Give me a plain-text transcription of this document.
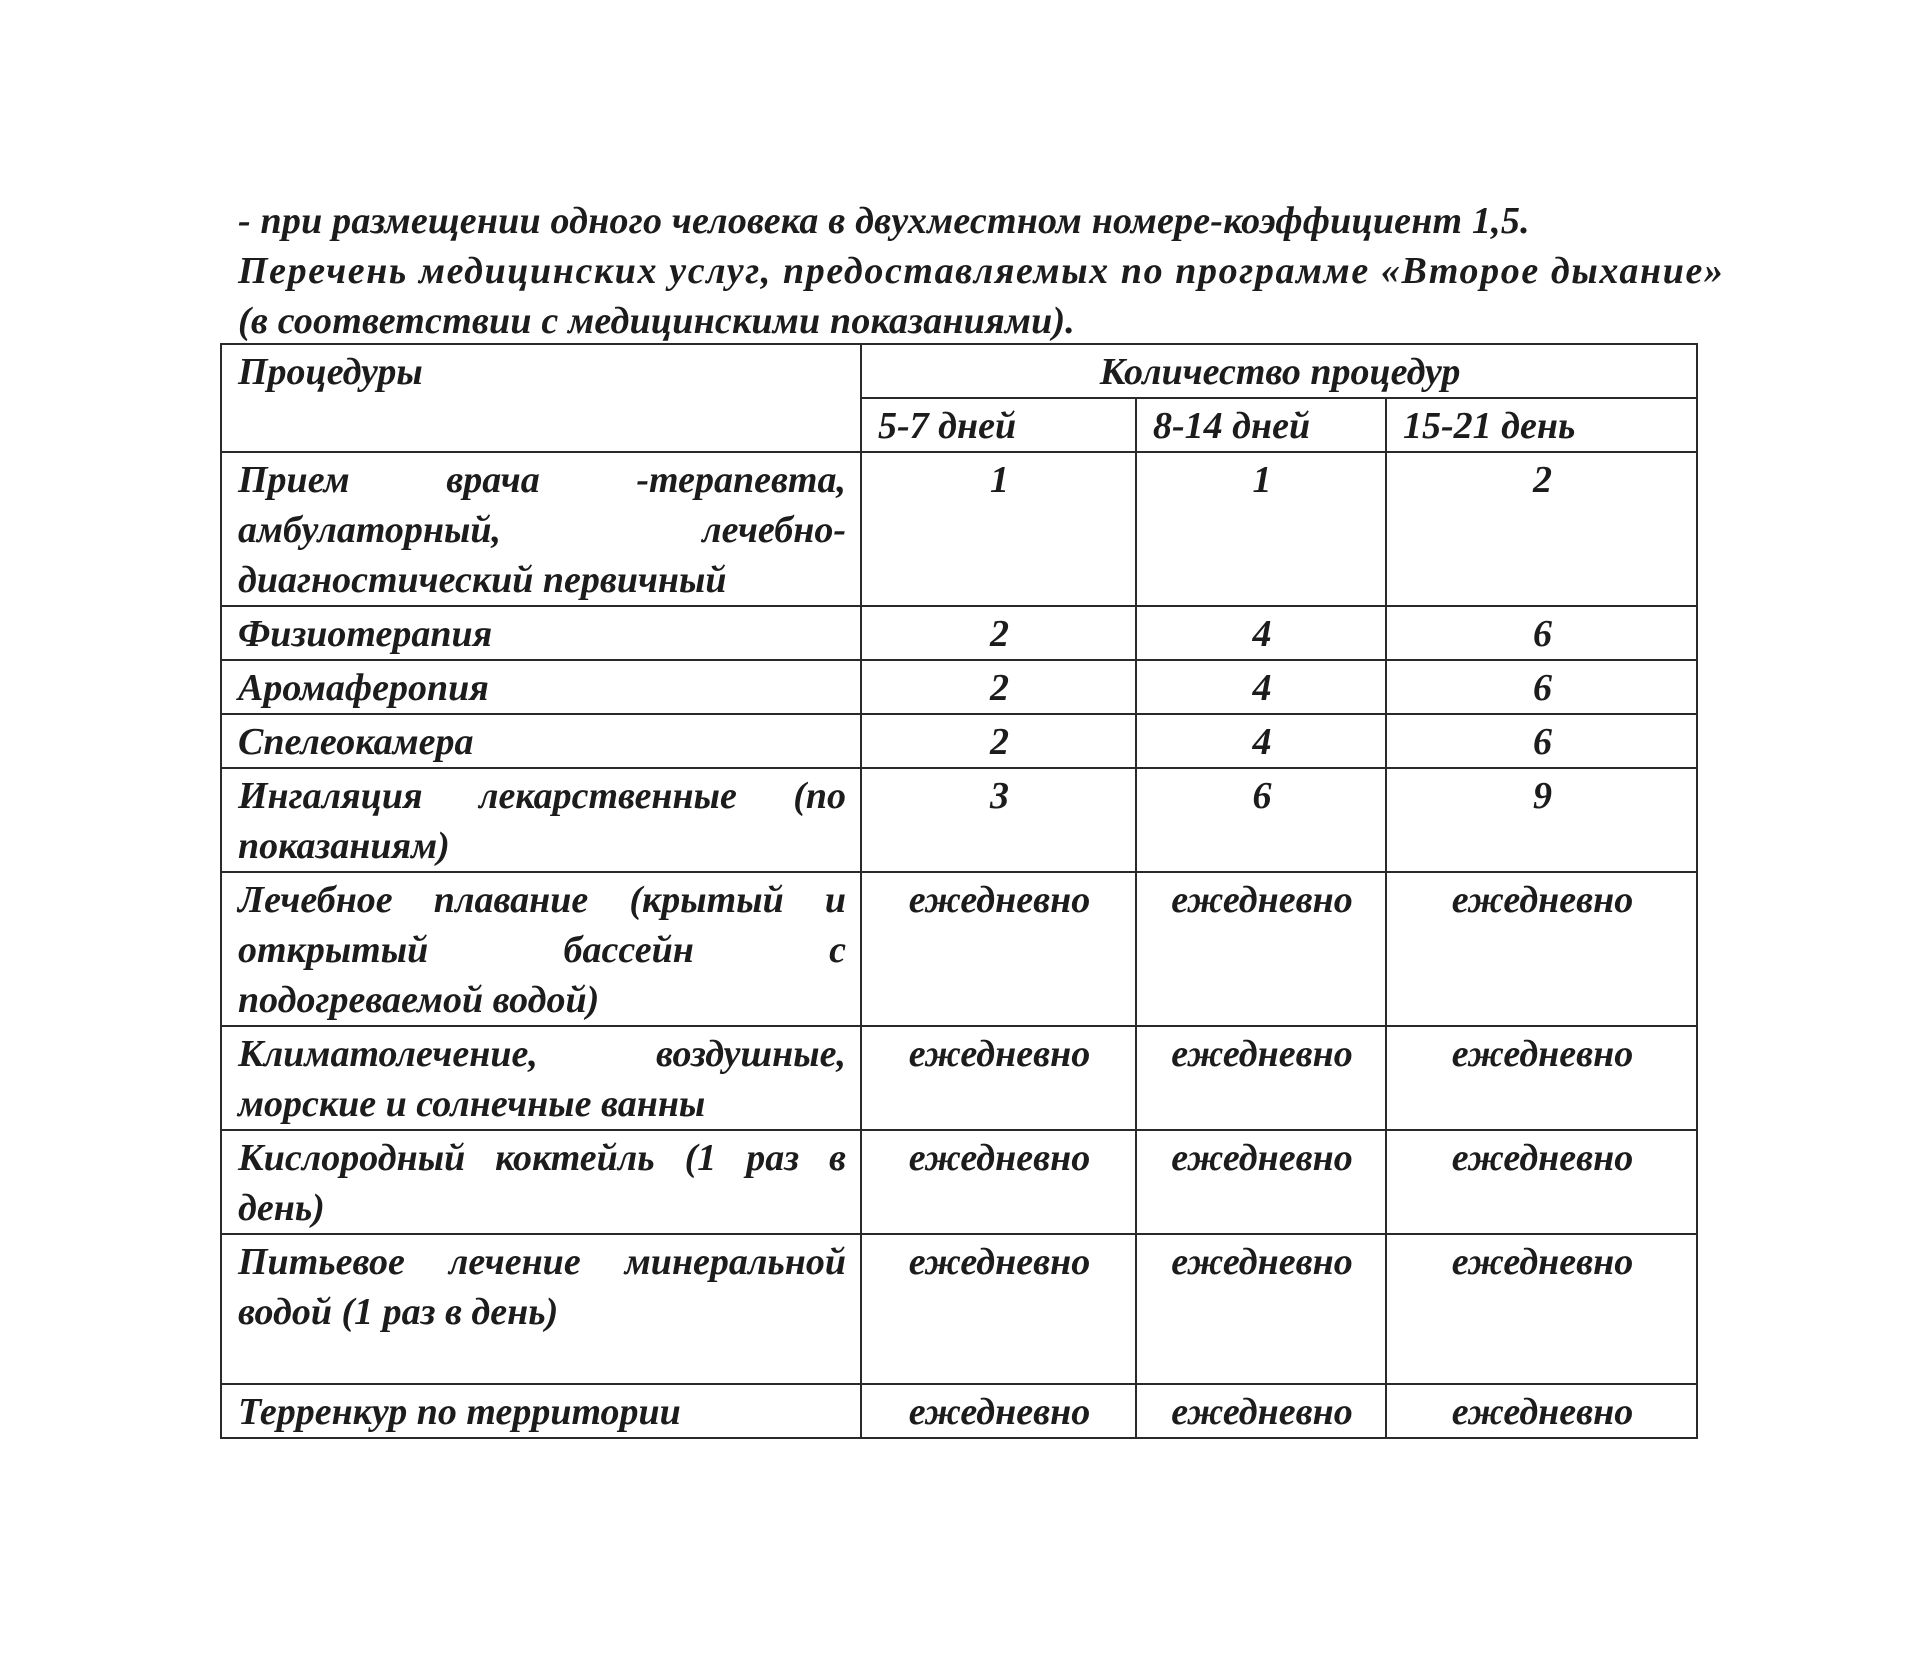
- при размещении одного человека в двухместном номере-коэффициент 1,5.
Перечень медицинских услуг, предоставляемых по программе «Второе дыхание»
(в соответствии с медицинскими показаниями).
Процедуры	Количество процедур		
	5-7 дней	8-14 дней	15-21 день
Прием врача -терапевта, амбулаторный, лечебно-диагностический первичный	1	1	2
Физиотерапия	2	4	6
Аромаферопия	2	4	6
Спелеокамера	2	4	6
Ингаляция лекарственные (по показаниям)	3	6	9
Лечебное плавание (крытый и открытый бассейн с подогреваемой водой)	ежедневно	ежедневно	ежедневно
Климатолечение, воздушные, морские и солнечные ванны	ежедневно	ежедневно	ежедневно
Кислородный коктейль (1 раз в день)	ежедневно	ежедневно	ежедневно
Питьевое лечение минеральной водой (1 раз в день)	ежедневно	ежедневно	ежедневно
Терренкур по территории	ежедневно	ежедневно	ежедневно
